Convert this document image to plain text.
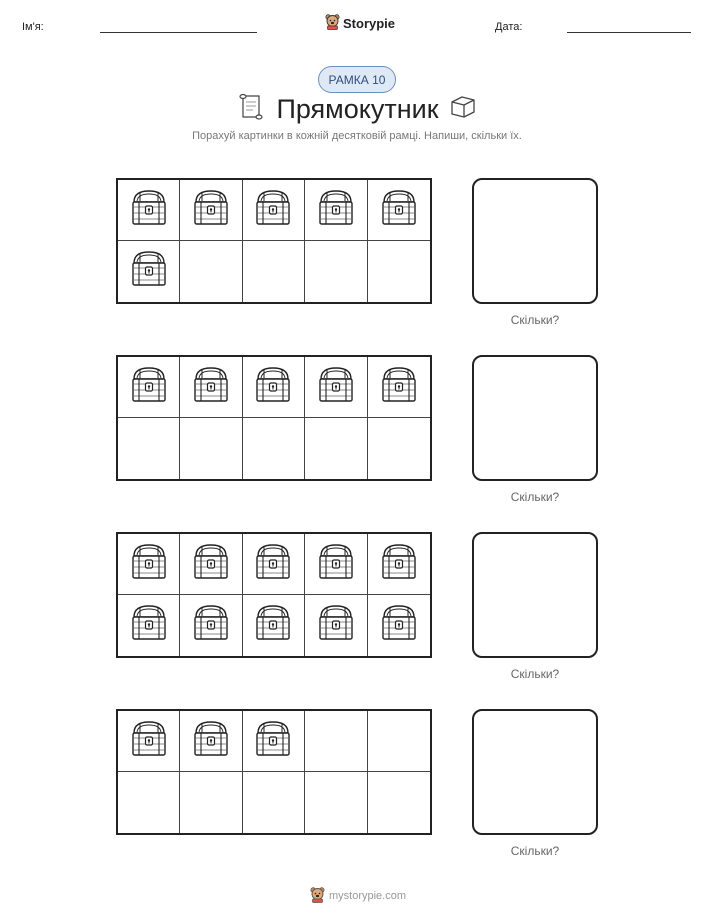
Ім'я:	Storypie	Дата:
РАМКА 10
Прямокутник
Порахуй картинки в кожній десятковій рамці. Напиши, скільки їх.
Скільки?
Скільки?
Скільки?
Скільки?
mystorypie.com
